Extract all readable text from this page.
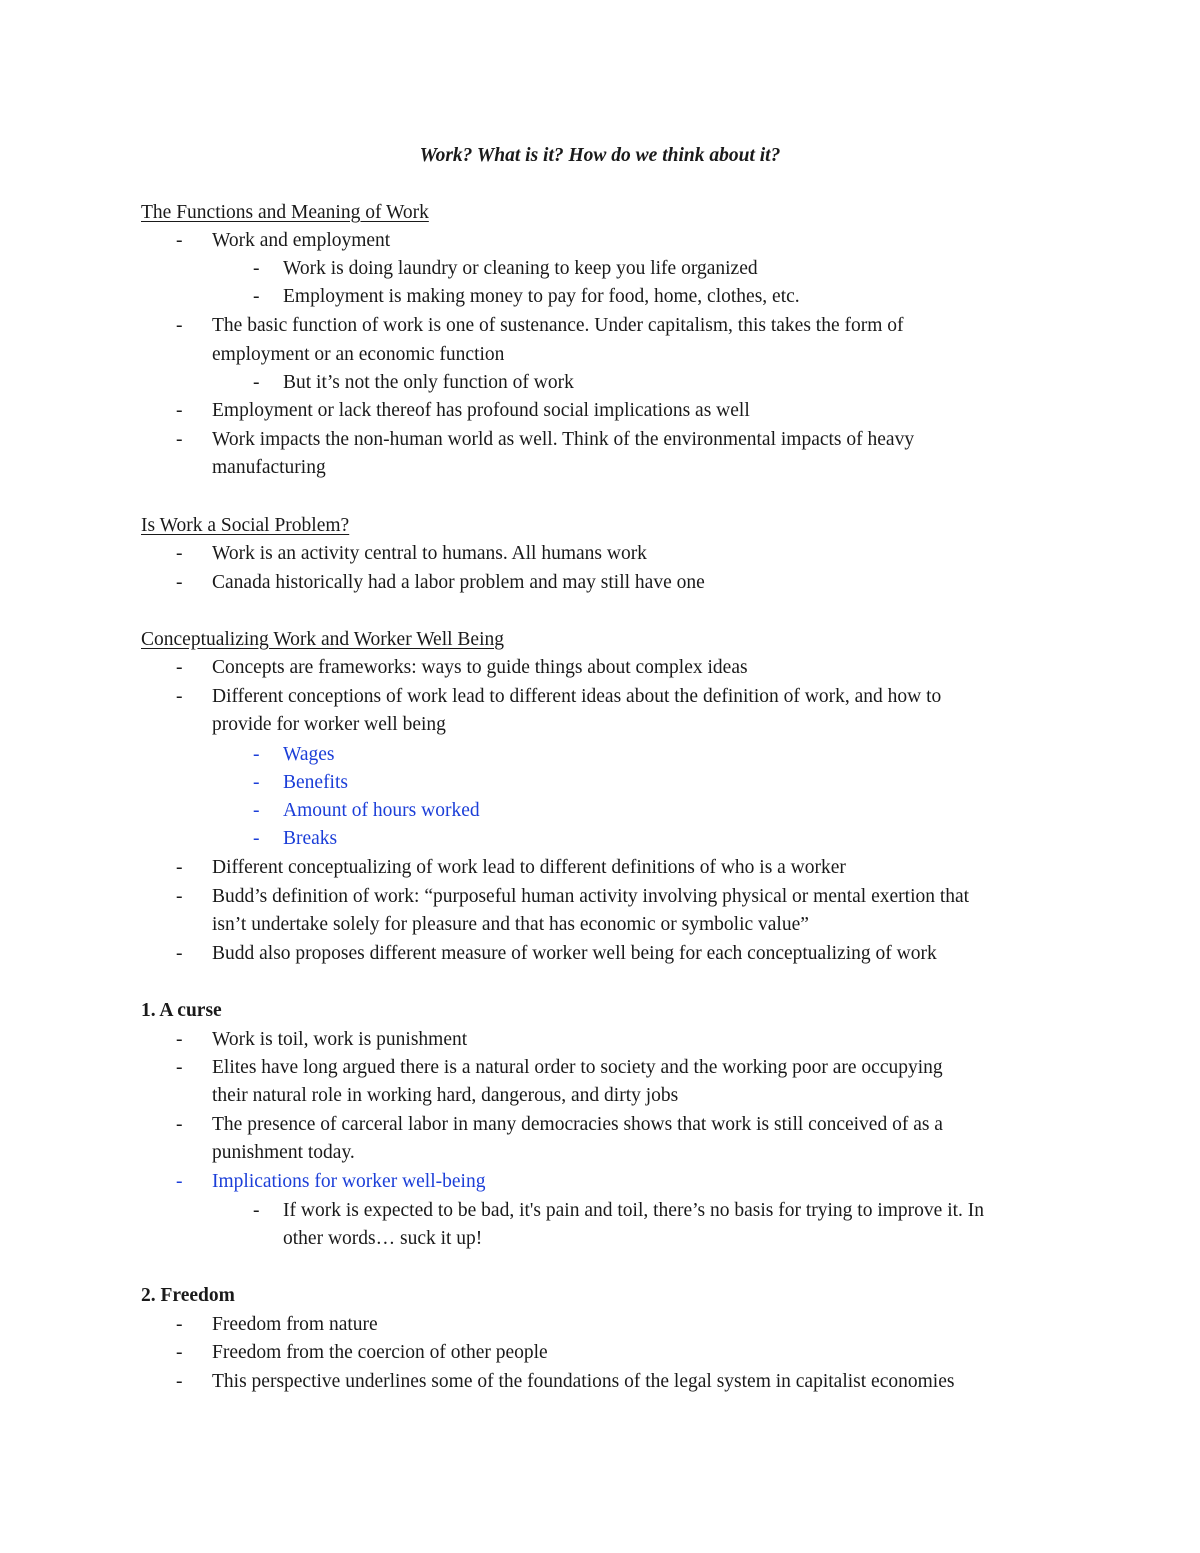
Work? What is it? How do we think about it?
The Functions and Meaning of Work
- Work and employment
- Work is doing laundry or cleaning to keep you life organized
- Employment is making money to pay for food, home, clothes, etc.
- The basic function of work is one of sustenance. Under capitalism, this takes the form of
employment or an economic function
- But it’s not the only function of work
- Employment or lack thereof has profound social implications as well
- Work impacts the non-human world as well. Think of the environmental impacts of heavy
manufacturing
Is Work a Social Problem?
- Work is an activity central to humans. All humans work
- Canada historically had a labor problem and may still have one
Conceptualizing Work and Worker Well Being
- Concepts are frameworks: ways to guide things about complex ideas
- Different conceptions of work lead to different ideas about the definition of work, and how to
provide for worker well being
- Wages
- Benefits
- Amount of hours worked
- Breaks
- Different conceptualizing of work lead to different definitions of who is a worker
- Budd’s definition of work: “purposeful human activity involving physical or mental exertion that
isn’t undertake solely for pleasure and that has economic or symbolic value”
- Budd also proposes different measure of worker well being for each conceptualizing of work
1. A curse
- Work is toil, work is punishment
- Elites have long argued there is a natural order to society and the working poor are occupying
their natural role in working hard, dangerous, and dirty jobs
- The presence of carceral labor in many democracies shows that work is still conceived of as a
punishment today.
- Implications for worker well-being
- If work is expected to be bad, it's pain and toil, there’s no basis for trying to improve it. In
other words… suck it up!
2. Freedom
- Freedom from nature
- Freedom from the coercion of other people
- This perspective underlines some of the foundations of the legal system in capitalist economies
